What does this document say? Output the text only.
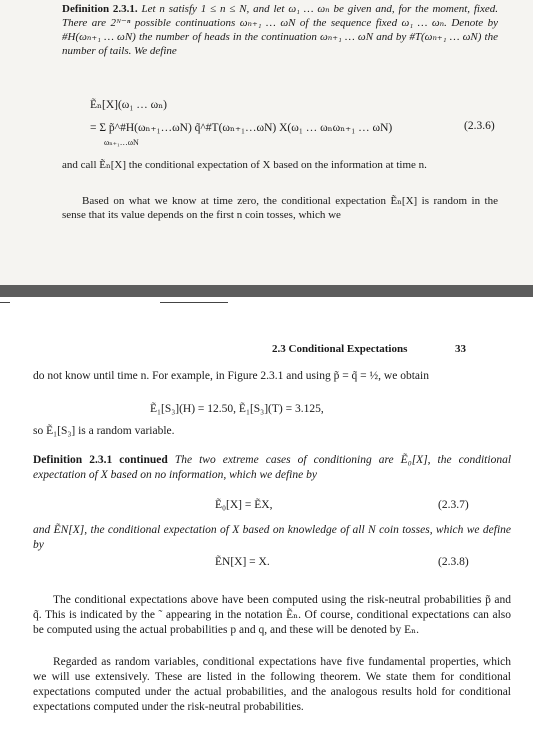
Definition 2.3.1. Let n satisfy 1 ≤ n ≤ N, and let ω₁ … ωₙ be given and, for the moment, fixed. There are 2ᴺ⁻ⁿ possible continuations ωₙ₊₁ … ωN of the sequence fixed ω₁ … ωₙ. Denote by #H(ωₙ₊₁ … ωN) the number of heads in the continuation ωₙ₊₁ … ωN and by #T(ωₙ₊₁ … ωN) the number of tails. We define
Ẽₙ[X](ω₁ … ωₙ)
= Σ p̃^#H(ωₙ₊₁…ωN) q̃^#T(ωₙ₊₁…ωN) X(ω₁ … ωₙωₙ₊₁ … ωN)
ωₙ₊₁…ωN
(2.3.6)
and call Ẽₙ[X] the conditional expectation of X based on the information at time n.
Based on what we know at time zero, the conditional expectation Ẽₙ[X] is random in the sense that its value depends on the first n coin tosses, which we
2.3 Conditional Expectations	33
do not know until time n. For example, in Figure 2.3.1 and using p̃ = q̃ = ½, we obtain
Ẽ₁[S₃](H) = 12.50, Ẽ₁[S₃](T) = 3.125,
so Ẽ₁[S₃] is a random variable.
Definition 2.3.1 continued The two extreme cases of conditioning are Ẽ₀[X], the conditional expectation of X based on no information, which we define by
Ẽ₀[X] = ẼX,	(2.3.7)
and ẼN[X], the conditional expectation of X based on knowledge of all N coin tosses, which we define by
ẼN[X] = X.	(2.3.8)
The conditional expectations above have been computed using the risk-neutral probabilities p̃ and q̃. This is indicated by the ˜ appearing in the notation Ẽₙ. Of course, conditional expectations can also be computed using the actual probabilities p and q, and these will be denoted by Eₙ.
Regarded as random variables, conditional expectations have five fundamental properties, which we will use extensively. These are listed in the following theorem. We state them for conditional expectations computed under the actual probabilities, and the analogous results hold for conditional expectations computed under the risk-neutral probabilities.
